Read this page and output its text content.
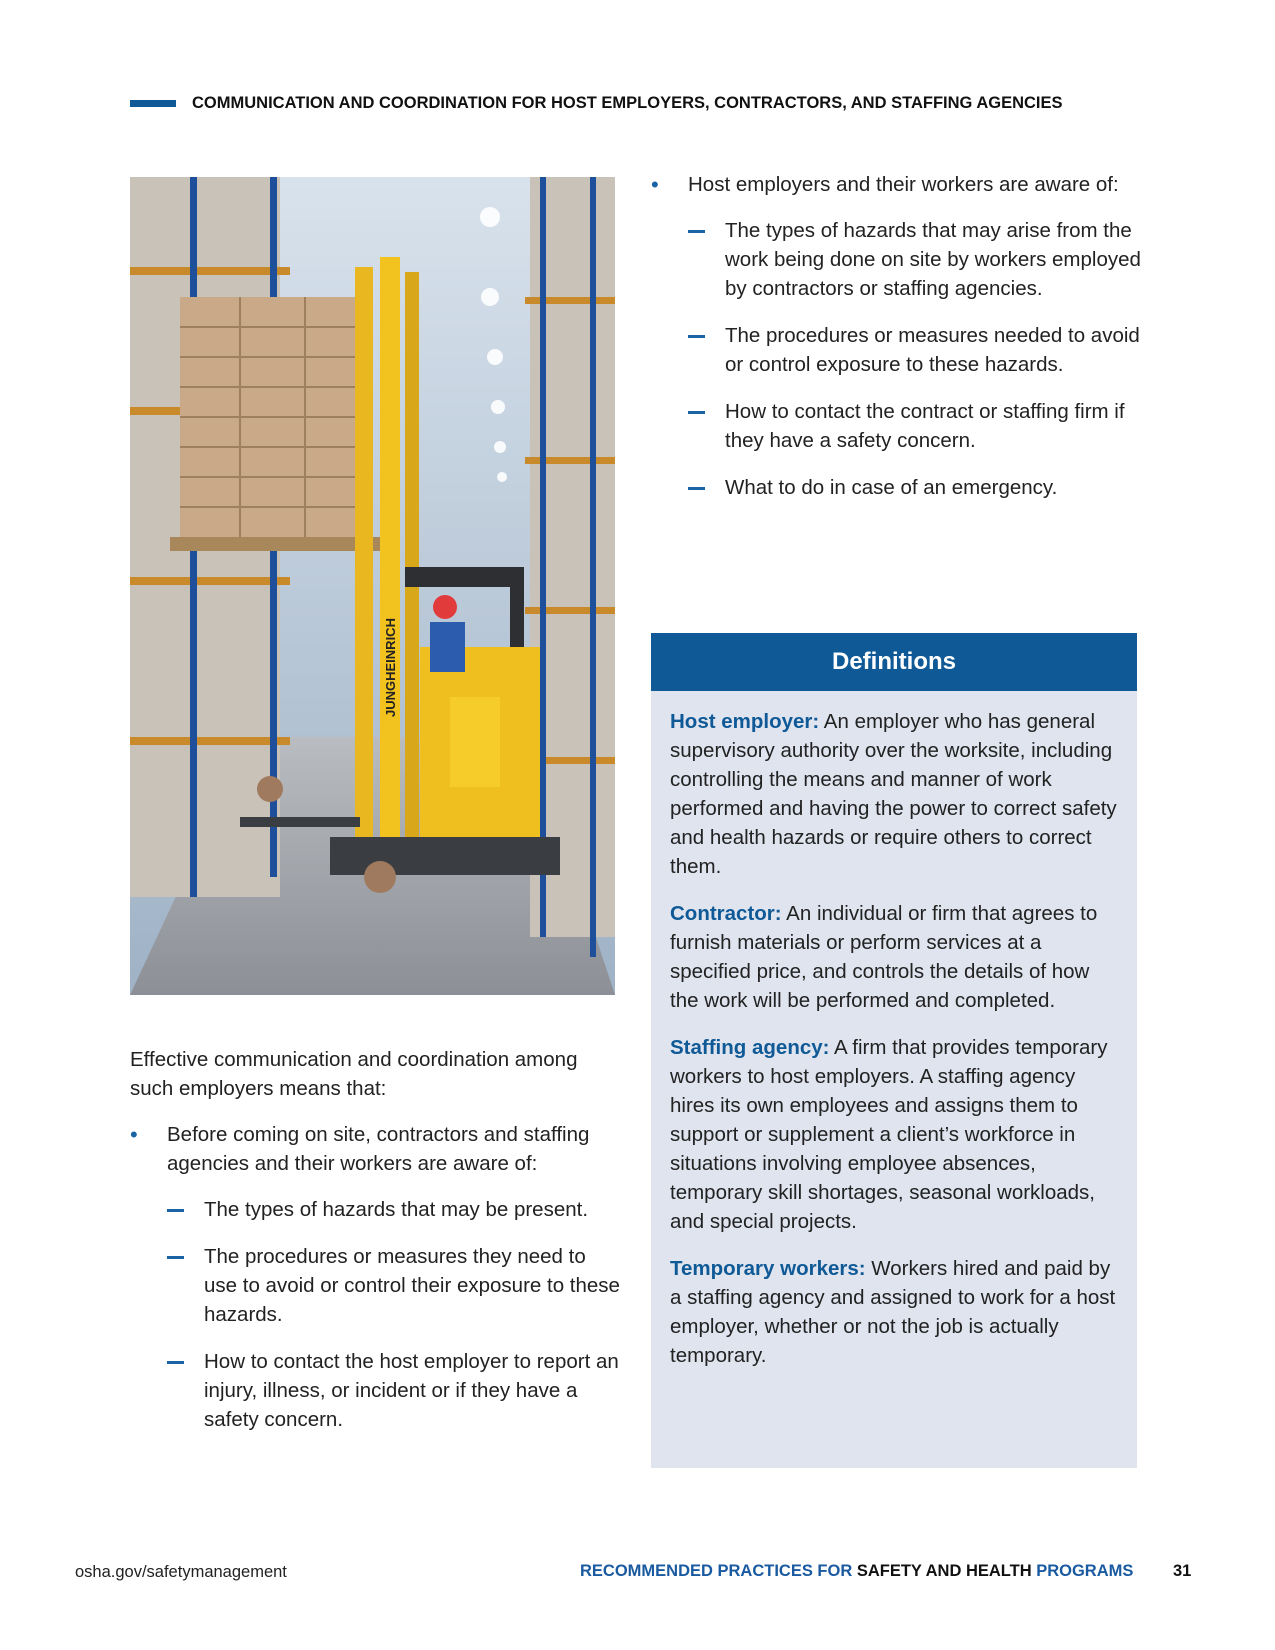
COMMUNICATION AND COORDINATION FOR HOST EMPLOYERS, CONTRACTORS, AND STAFFING AGENCIES
JUNGHEINRICH

Effective communication and coordination among such employers means that:

• Before coming on site, contractors and staffing agencies and their workers are aware of:
The types of hazards that may be present.
The procedures or measures they need to use to avoid or control their exposure to these hazards.
How to contact the host employer to report an injury, illness, or incident or if they have a safety concern.
• Host employers and their workers are aware of:
The types of hazards that may arise from the work being done on site by workers employed by contractors or staffing agencies.
The procedures or measures needed to avoid or control exposure to these hazards.
How to contact the contract or staffing firm if they have a safety concern.
What to do in case of an emergency.
Definitions

Host employer: An employer who has general supervisory authority over the worksite, including controlling the means and manner of work performed and having the power to correct safety and health hazards or require others to correct them.

Contractor: An individual or firm that agrees to furnish materials or perform services at a specified price, and controls the details of how the work will be performed and completed.

Staffing agency: A firm that provides temporary workers to host employers. A staffing agency hires its own employees and assigns them to support or supplement a client’s workforce in situations involving employee absences, temporary skill shortages, seasonal workloads, and special projects.

Temporary workers: Workers hired and paid by a staffing agency and assigned to work for a host employer, whether or not the job is actually temporary.

osha.gov/safetymanagement	RECOMMENDED PRACTICES FOR SAFETY AND HEALTH PROGRAMS 31
